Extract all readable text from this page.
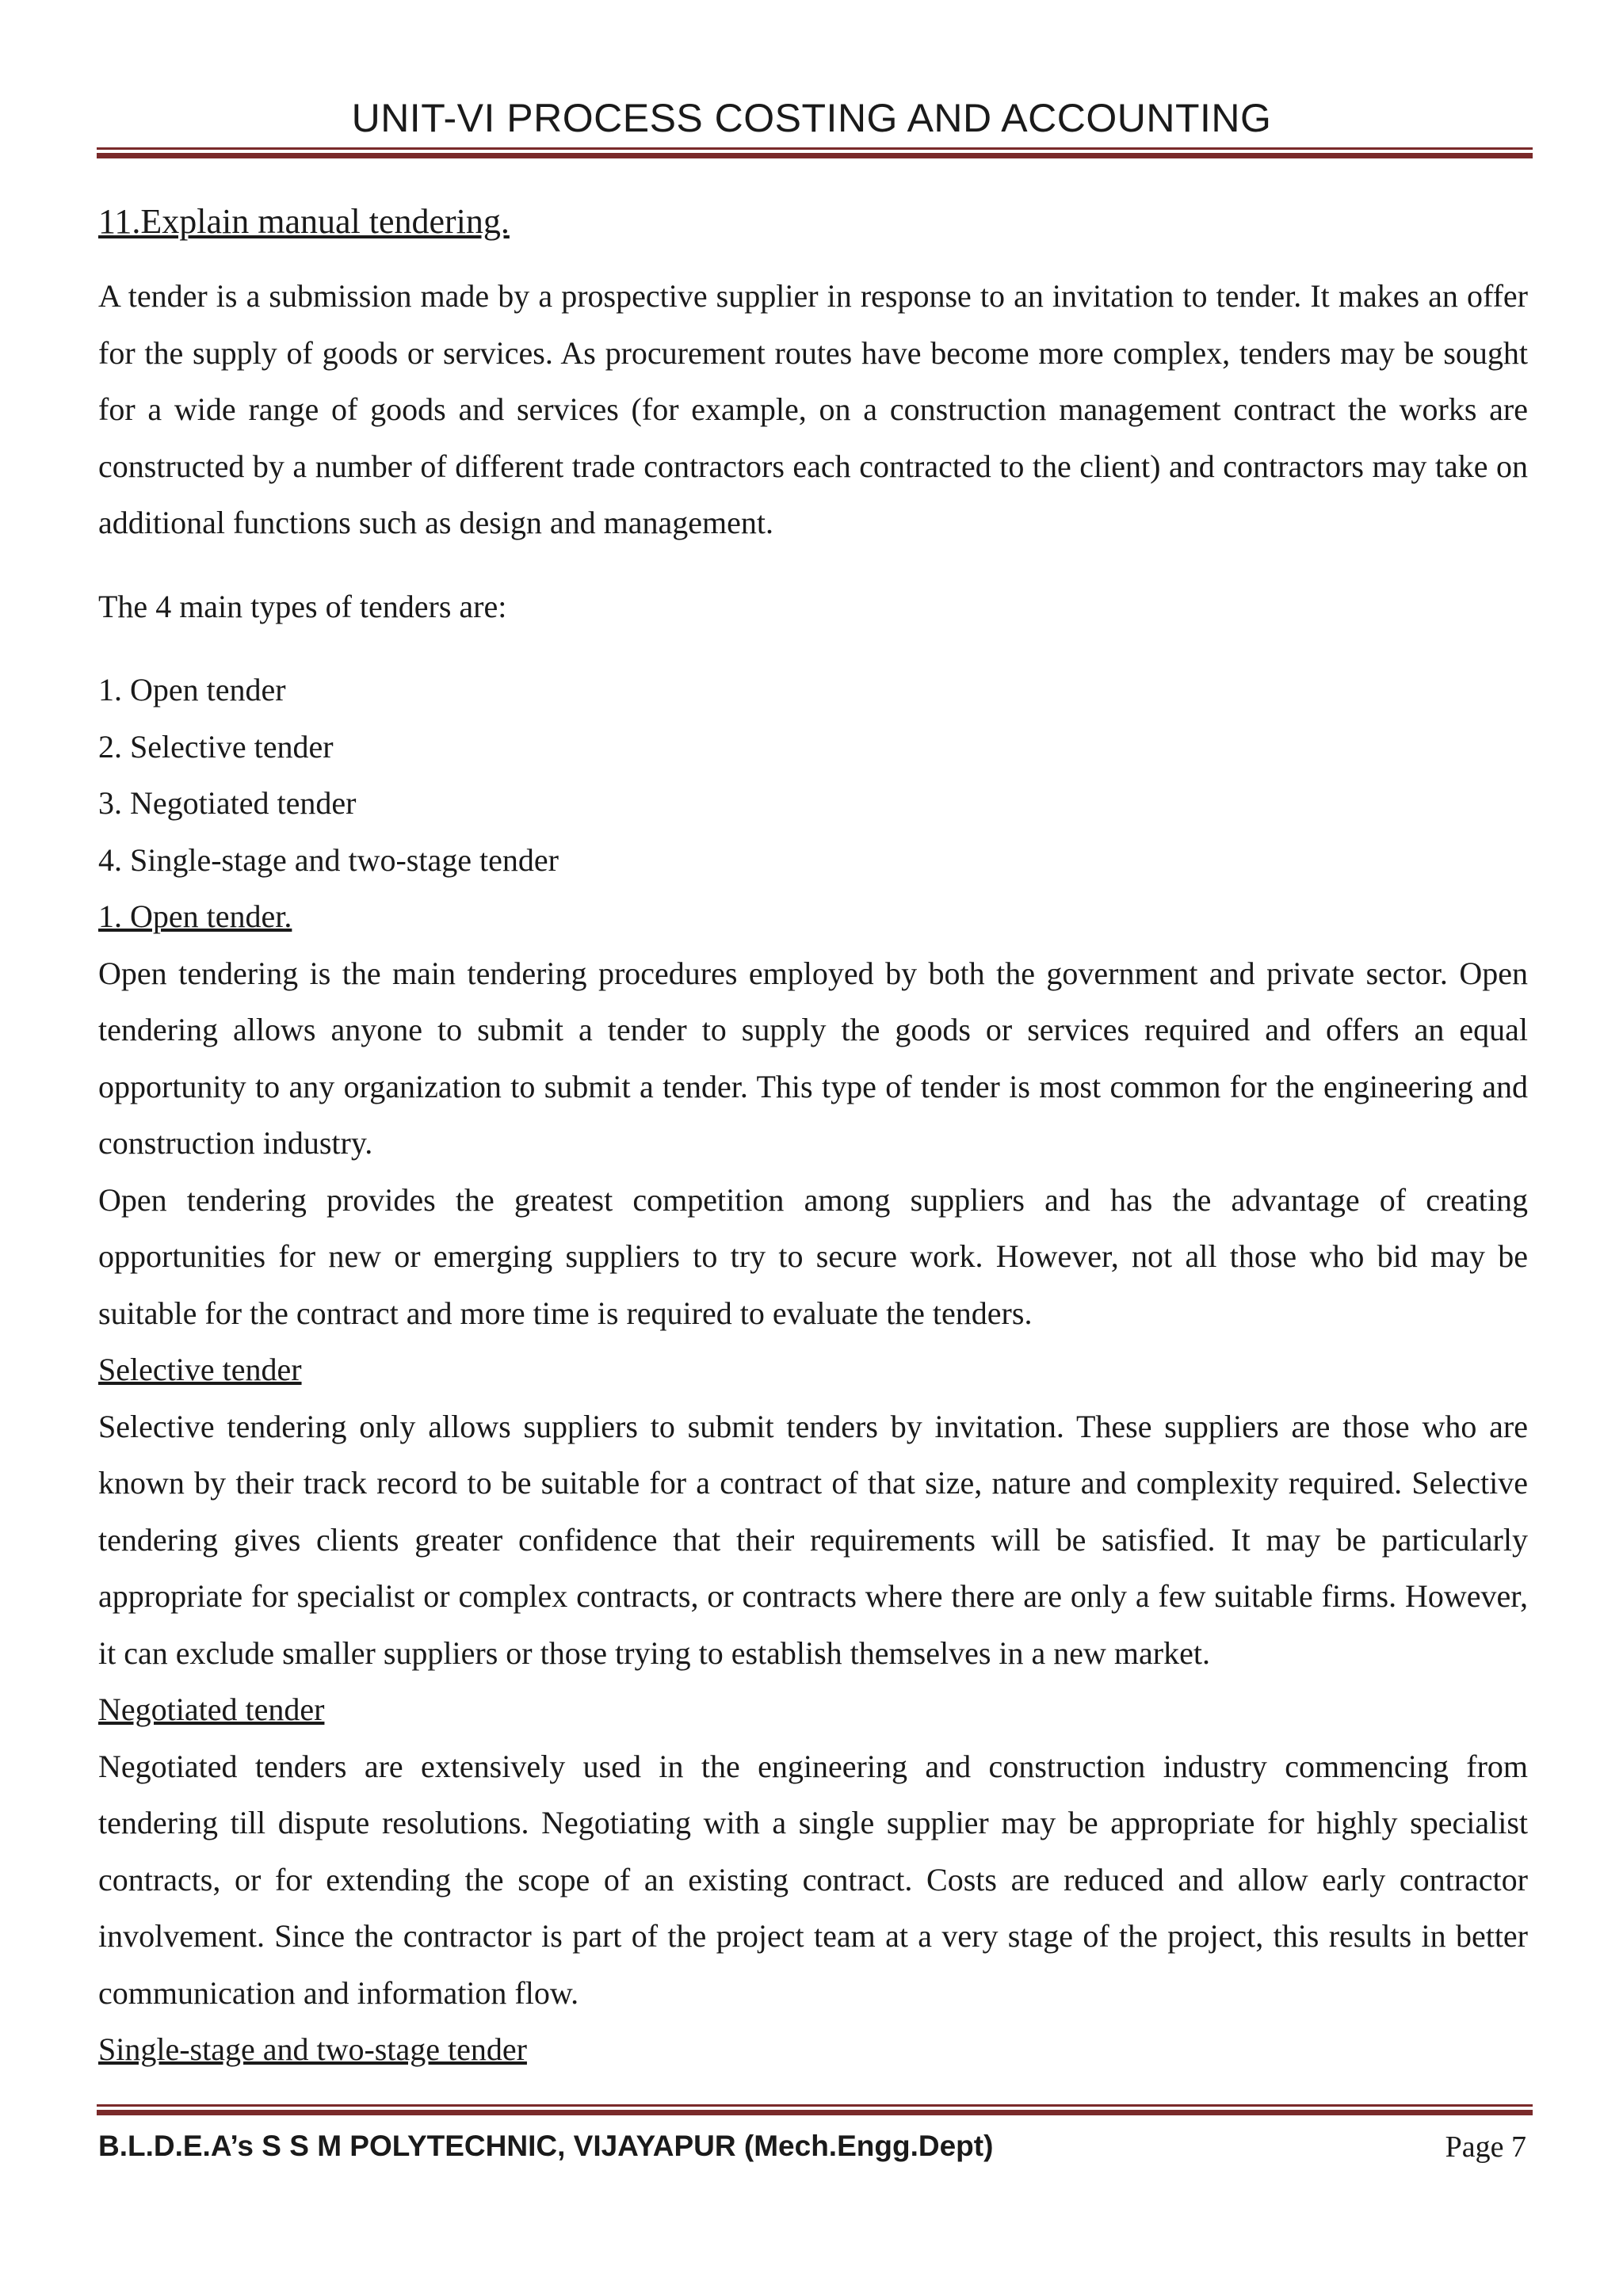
UNIT-VI PROCESS COSTING AND ACCOUNTING
11.Explain manual tendering.

A tender is a submission made by a prospective supplier in response to an invitation to tender. It makes an offer for the supply of goods or services. As procurement routes have become more complex, tenders may be sought for a wide range of goods and services (for example, on a construction management contract the works are constructed by a number of different trade contractors each contracted to the client) and contractors may take on additional functions such as design and management.

The 4 main types of tenders are:

1. Open tender
2. Selective tender
3. Negotiated tender
4. Single-stage and two-stage tender
1. Open tender.

Open tendering is the main tendering procedures employed by both the government and private sector. Open tendering allows anyone to submit a tender to supply the goods or services required and offers an equal opportunity to any organization to submit a tender. This type of tender is most common for the engineering and construction industry.

Open tendering provides the greatest competition among suppliers and has the advantage of creating opportunities for new or emerging suppliers to try to secure work. However, not all those who bid may be suitable for the contract and more time is required to evaluate the tenders.

Selective tender

Selective tendering only allows suppliers to submit tenders by invitation. These suppliers are those who are known by their track record to be suitable for a contract of that size, nature and complexity required. Selective tendering gives clients greater confidence that their requirements will be satisfied. It may be particularly appropriate for specialist or complex contracts, or contracts where there are only a few suitable firms. However, it can exclude smaller suppliers or those trying to establish themselves in a new market.

Negotiated tender

Negotiated tenders are extensively used in the engineering and construction industry commencing from tendering till dispute resolutions. Negotiating with a single supplier may be appropriate for highly specialist contracts, or for extending the scope of an existing contract. Costs are reduced and allow early contractor involvement. Since the contractor is part of the project team at a very stage of the project, this results in better communication and information flow.

Single-stage and two-stage tender
B.L.D.E.A’s S S M POLYTECHNIC, VIJAYAPUR (Mech.Engg.Dept)	Page 7
